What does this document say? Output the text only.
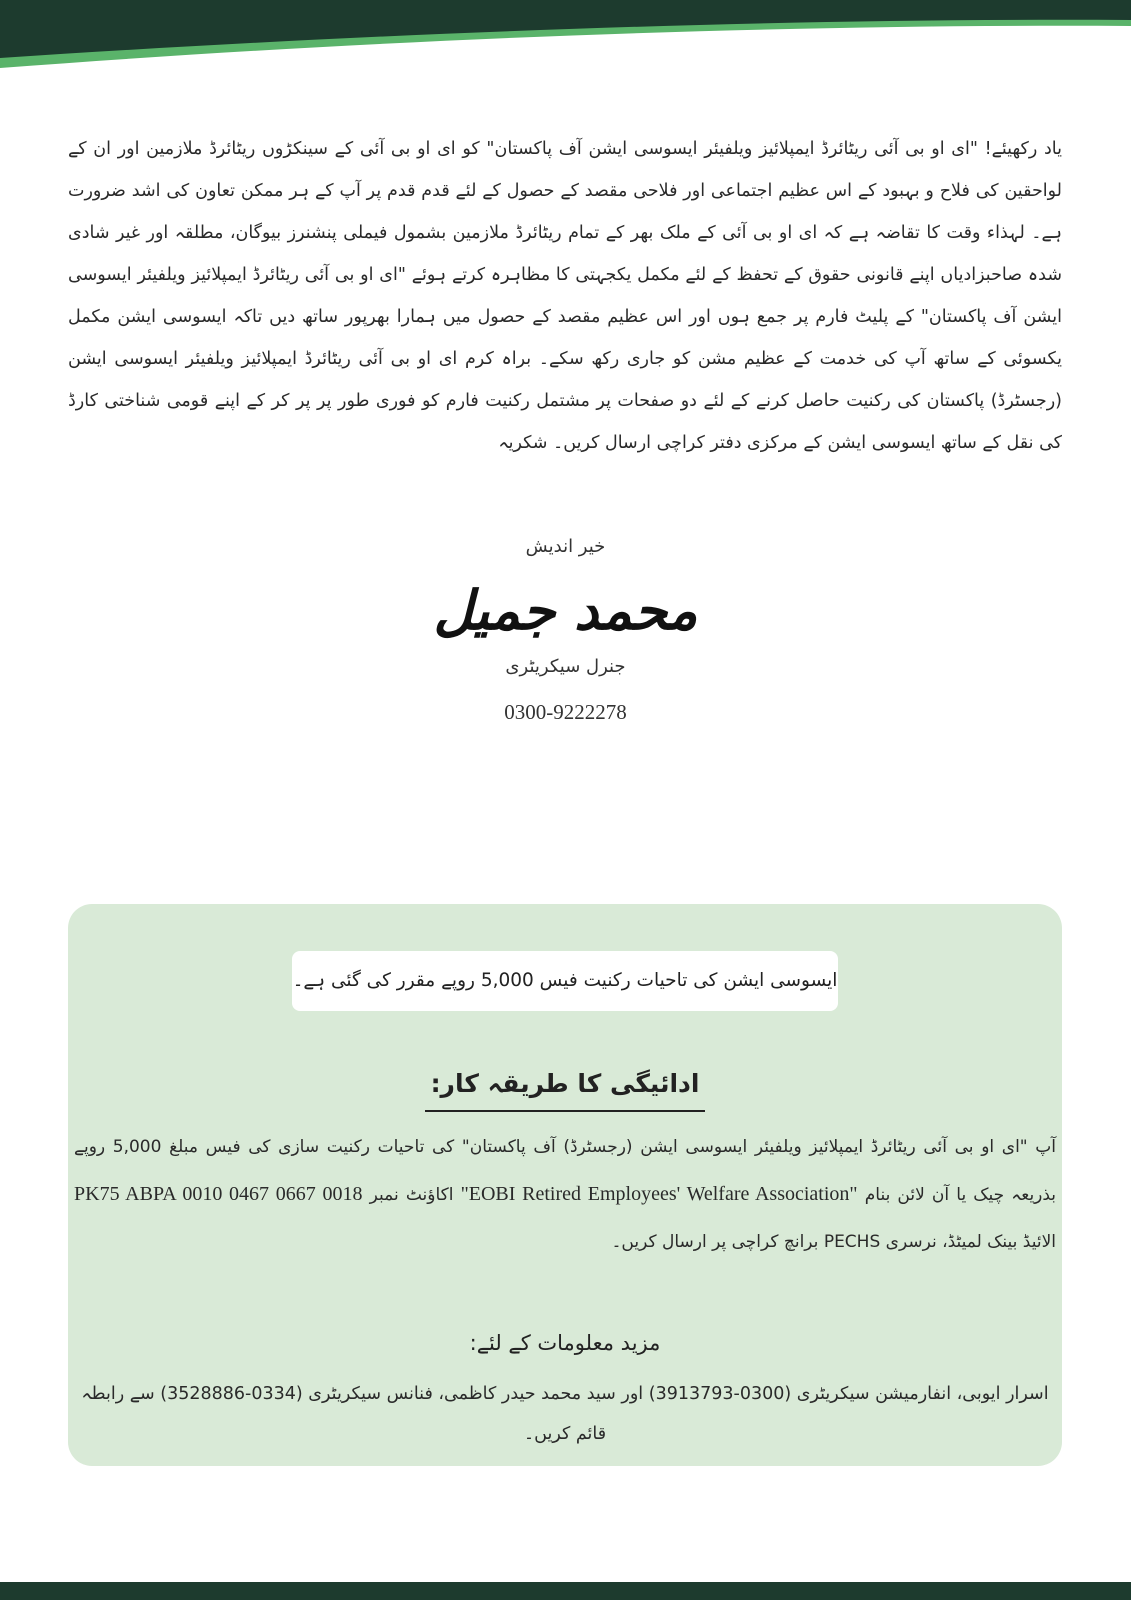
یاد رکھیئے! "ای او بی آئی ریٹائرڈ ایمپلائیز ویلفیئر ایسوسی ایشن آف پاکستان" کو ای او بی آئی کے سینکڑوں ریٹائرڈ ملازمین اور ان کے لواحقین کی فلاح و بہبود کے اس عظیم اجتماعی اور فلاحی مقصد کے حصول کے لئے قدم قدم پر آپ کے ہر ممکن تعاون کی اشد ضرورت ہے۔ لہذاء وقت کا تقاضہ ہے کہ ای او بی آئی کے ملک بھر کے تمام ریٹائرڈ ملازمین بشمول فیملی پنشنرز بیوگان، مطلقہ اور غیر شادی شدہ صاحبزادیاں اپنے قانونی حقوق کے تحفظ کے لئے مکمل یکجہتی کا مظاہرہ کرتے ہوئے "ای او بی آئی ریٹائرڈ ایمپلائیز ویلفیئر ایسوسی ایشن آف پاکستان" کے پلیٹ فارم پر جمع ہوں اور اس عظیم مقصد کے حصول میں ہمارا بھرپور ساتھ دیں تاکہ ایسوسی ایشن مکمل یکسوئی کے ساتھ آپ کی خدمت کے عظیم مشن کو جاری رکھ سکے۔ براہ کرم ای او بی آئی ریٹائرڈ ایمپلائیز ویلفیئر ایسوسی ایشن (رجسٹرڈ) پاکستان کی رکنیت حاصل کرنے کے لئے دو صفحات پر مشتمل رکنیت فارم کو فوری طور پر پر کر کے اپنے قومی شناختی کارڈ کی نقل کے ساتھ ایسوسی ایشن کے مرکزی دفتر کراچی ارسال کریں۔ شکریہ

خیر اندیش
محمد جمیل
جنرل سیکریٹری
0300-9222278
ایسوسی ایشن کی تاحیات رکنیت فیس 5,000 روپے مقرر کی گئی ہے۔
ادائیگی کا طریقہ کار:

آپ "ای او بی آئی ریٹائرڈ ایمپلائیز ویلفیئر ایسوسی ایشن (رجسٹرڈ) آف پاکستان" کی تاحیات رکنیت سازی کی فیس مبلغ 5,000 روپے بذریعہ چیک یا آن لائن بنام "EOBI Retired Employees' Welfare Association" اکاؤنٹ نمبر PK75 ABPA 0010 0467 0667 0018 الائیڈ بینک لمیٹڈ، نرسری PECHS برانچ کراچی پر ارسال کریں۔

مزید معلومات کے لئے:
اسرار ایوبی، انفارمیشن سیکریٹری (0300-3913793) اور سید محمد حیدر کاظمی، فنانس سیکریٹری (0334-3528886) سے رابطہ قائم کریں۔
